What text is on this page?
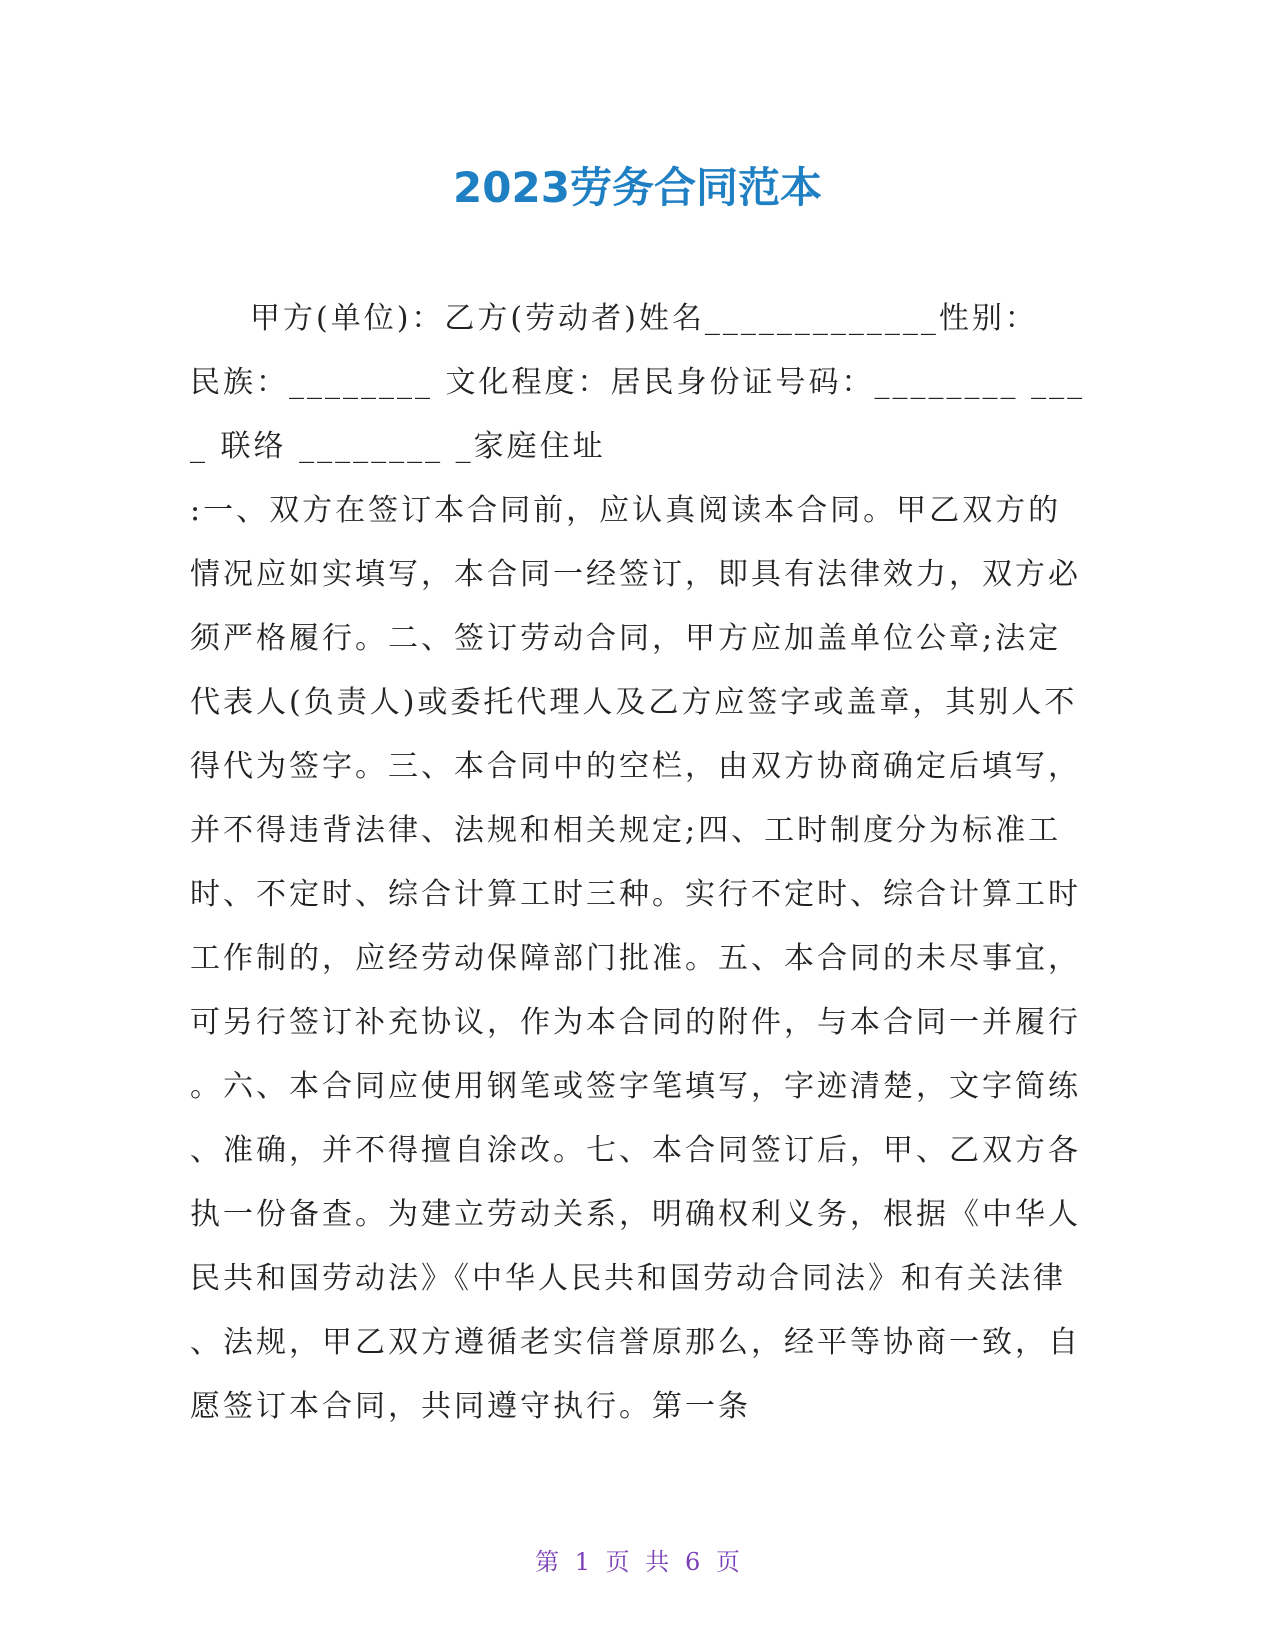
2023劳务合同范本
甲方(单位)：乙方(劳动者)姓名_____________性别：
民族：________ 文化程度：居民身份证号码：________ ___
_ 联络 ________ _家庭住址
:一、双方在签订本合同前，应认真阅读本合同。甲乙双方的
情况应如实填写，本合同一经签订，即具有法律效力，双方必
须严格履行。二、签订劳动合同，甲方应加盖单位公章;法定
代表人(负责人)或委托代理人及乙方应签字或盖章，其别人不
得代为签字。三、本合同中的空栏，由双方协商确定后填写，
并不得违背法律、法规和相关规定;四、工时制度分为标准工
时、不定时、综合计算工时三种。实行不定时、综合计算工时
工作制的，应经劳动保障部门批准。五、本合同的未尽事宜，
可另行签订补充协议，作为本合同的附件，与本合同一并履行
。六、本合同应使用钢笔或签字笔填写，字迹清楚，文字简练
、准确，并不得擅自涂改。七、本合同签订后，甲、乙双方各
执一份备查。为建立劳动关系，明确权利义务，根据《中华人
民共和国劳动法》《中华人民共和国劳动合同法》和有关法律
、法规，甲乙双方遵循老实信誉原那么，经平等协商一致，自
愿签订本合同，共同遵守执行。第一条
第 1 页 共 6 页
